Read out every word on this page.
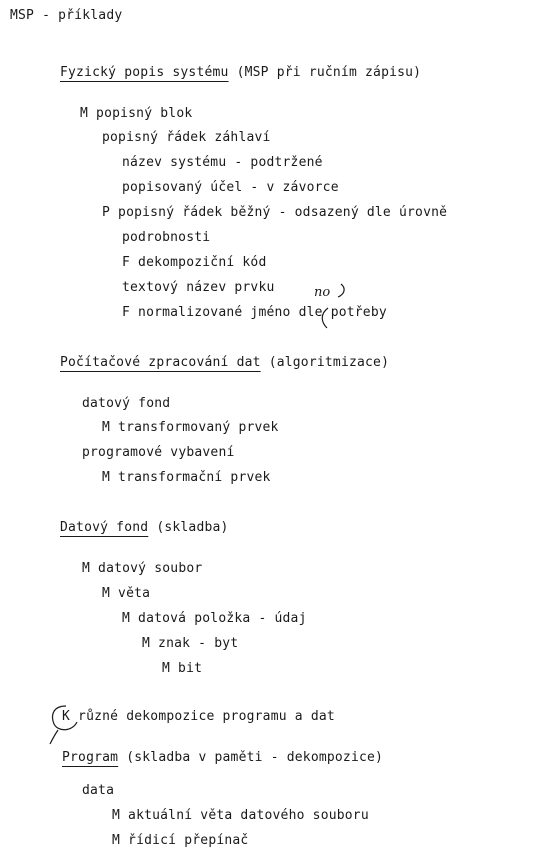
MSP - příklady
Fyzický popis systému (MSP při ručním zápisu)
M popisný blok
popisný řádek záhlaví
název systému - podtržené
popisovaný účel - v závorce
P popisný řádek běžný - odsazený dle úrovně
podrobnosti
F dekompoziční kód
textový název prvku
F normalizované jméno dle potřeby
no
Počítačové zpracování dat (algoritmizace)
datový fond
M transformovaný prvek
programové vybavení
M transformační prvek
Datový fond (skladba)
M datový soubor
M věta
M datová položka - údaj
M znak - byt
M bit
K různé dekompozice programu a dat
Program (skladba v paměti - dekompozice)
data
M aktuální věta datového souboru
M řídicí přepínač
